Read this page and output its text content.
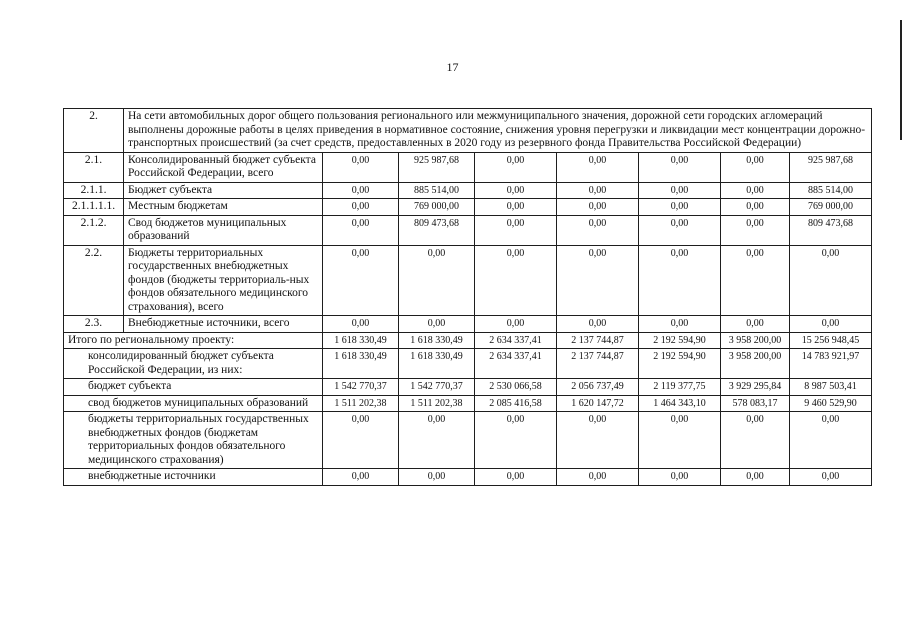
17
2.	На сети автомобильных дорог общего пользования регионального или межмуниципального значения, дорожной сети городских агломераций выполнены дорожные работы в целях приведения в нормативное состояние, снижения уровня перегрузки и ликвидации мест концентрации дорожно-транспортных происшествий (за счет средств, предоставленных в 2020 году из резервного фонда Правительства Российской Федерации)							
2.1.	Консолидированный бюджет субъекта Российской Федерации, всего	0,00	925 987,68	0,00	0,00	0,00	0,00	925 987,68
2.1.1.	Бюджет субъекта	0,00	885 514,00	0,00	0,00	0,00	0,00	885 514,00
2.1.1.1.1.	Местным бюджетам	0,00	769 000,00	0,00	0,00	0,00	0,00	769 000,00
2.1.2.	Свод бюджетов муниципальных образований	0,00	809 473,68	0,00	0,00	0,00	0,00	809 473,68
2.2.	Бюджеты территориальных государственных внебюджетных фондов (бюджеты территориаль-ных фондов обязательного медицинского страхования), всего	0,00	0,00	0,00	0,00	0,00	0,00	0,00
2.3.	Внебюджетные источники, всего	0,00	0,00	0,00	0,00	0,00	0,00	0,00
Итого по региональному проекту:		1 618 330,49	1 618 330,49	2 634 337,41	2 137 744,87	2 192 594,90	3 958 200,00	15 256 948,45

консолидированный бюджет субъекта Российской Федерации, из них:		1 618 330,49	1 618 330,49	2 634 337,41	2 137 744,87	2 192 594,90	3 958 200,00	14 783 921,97

бюджет субъекта		1 542 770,37	1 542 770,37	2 530 066,58	2 056 737,49	2 119 377,75	3 929 295,84	8 987 503,41

свод бюджетов муниципальных образований		1 511 202,38	1 511 202,38	2 085 416,58	1 620 147,72	1 464 343,10	578 083,17	9 460 529,90

бюджеты территориальных государственных внебюджетных фондов (бюджетам территориальных фондов обязательного медицинского страхования)		0,00	0,00	0,00	0,00	0,00	0,00	0,00

внебюджетные источники		0,00	0,00	0,00	0,00	0,00	0,00	0,00
